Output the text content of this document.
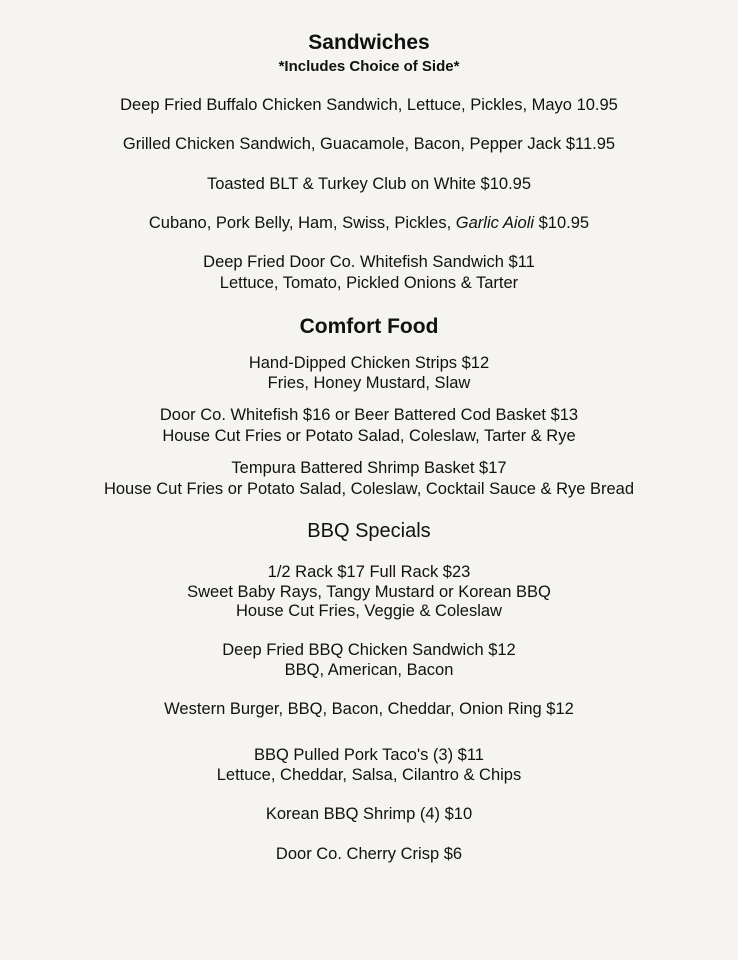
Sandwiches
*Includes Choice of Side*
Deep Fried Buffalo Chicken Sandwich, Lettuce, Pickles, Mayo 10.95
Grilled Chicken Sandwich, Guacamole, Bacon, Pepper Jack $11.95
Toasted BLT & Turkey Club on White $10.95
Cubano, Pork Belly, Ham, Swiss, Pickles, Garlic Aioli $10.95
Deep Fried Door Co. Whitefish Sandwich $11
Lettuce, Tomato, Pickled Onions & Tarter
Comfort Food
Hand-Dipped Chicken Strips $12
Fries, Honey Mustard, Slaw
Door Co. Whitefish $16 or Beer Battered Cod Basket $13
House Cut Fries or Potato Salad, Coleslaw, Tarter & Rye
Tempura Battered Shrimp Basket $17
House Cut Fries or Potato Salad, Coleslaw, Cocktail Sauce & Rye Bread
BBQ Specials
1/2 Rack $17 Full Rack $23
Sweet Baby Rays, Tangy Mustard or Korean BBQ
House Cut Fries, Veggie & Coleslaw
Deep Fried BBQ Chicken Sandwich $12
BBQ, American, Bacon
Western Burger, BBQ, Bacon, Cheddar, Onion Ring $12
BBQ Pulled Pork Taco's (3) $11
Lettuce, Cheddar, Salsa, Cilantro & Chips
Korean BBQ Shrimp (4) $10
Door Co. Cherry Crisp $6
